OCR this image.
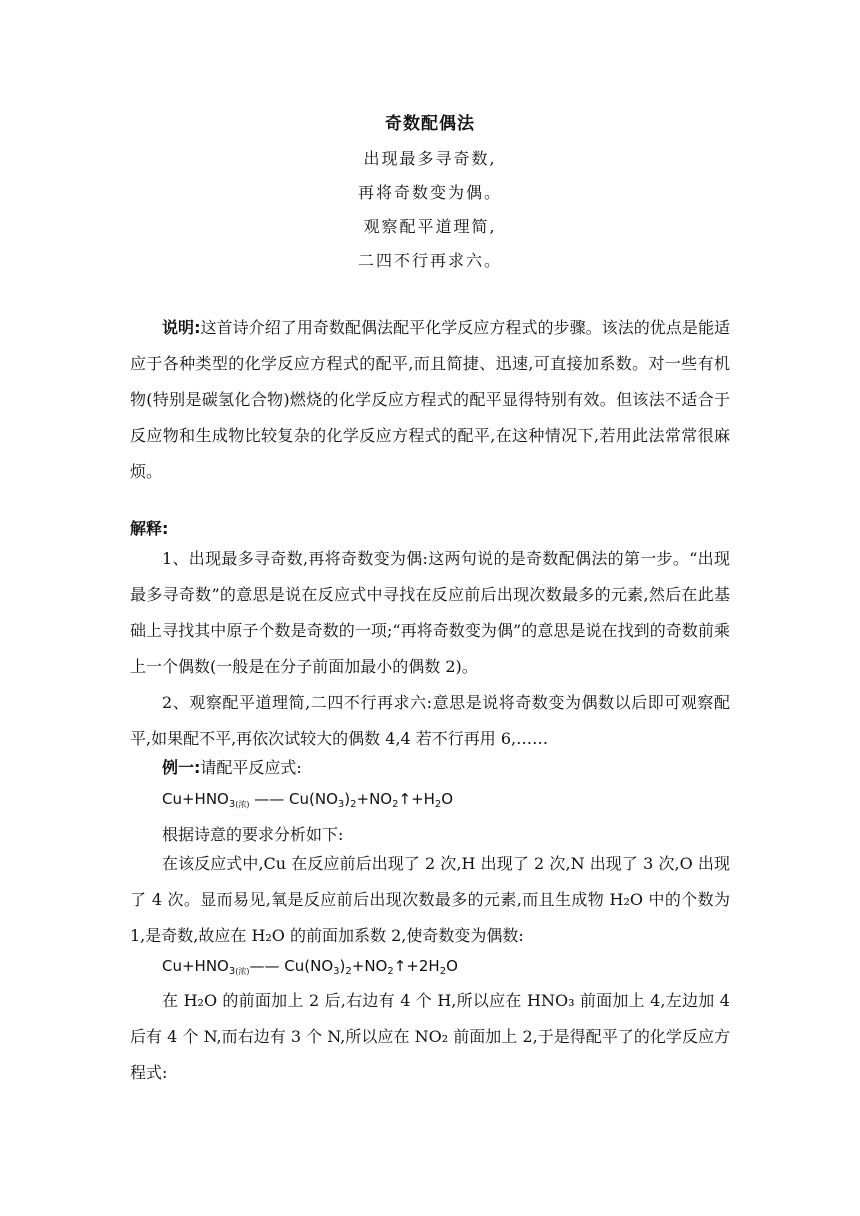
奇数配偶法
出现最多寻奇数,
再将奇数变为偶。
观察配平道理简,
二四不行再求六。
说明:这首诗介绍了用奇数配偶法配平化学反应方程式的步骤。该法的优点是能适应于各种类型的化学反应方程式的配平,而且简捷、迅速,可直接加系数。对一些有机物(特别是碳氢化合物)燃烧的化学反应方程式的配平显得特别有效。但该法不适合于反应物和生成物比较复杂的化学反应方程式的配平,在这种情况下,若用此法常常很麻烦。
解释:
1、出现最多寻奇数,再将奇数变为偶:这两句说的是奇数配偶法的第一步。“出现最多寻奇数”的意思是说在反应式中寻找在反应前后出现次数最多的元素,然后在此基础上寻找其中原子个数是奇数的一项;“再将奇数变为偶”的意思是说在找到的奇数前乘上一个偶数(一般是在分子前面加最小的偶数 2)。
2、观察配平道理简,二四不行再求六:意思是说将奇数变为偶数以后即可观察配平,如果配不平,再依次试较大的偶数 4,4 若不行再用 6,……
例一:请配平反应式:
$Cu+HNO_{3(浓)}$ —— $Cu(NO_3)_2+NO_2↑+H_2O$
根据诗意的要求分析如下:
在该反应式中,Cu 在反应前后出现了 2 次,H 出现了 2 次,N 出现了 3 次,O 出现了 4 次。显而易见,氧是反应前后出现次数最多的元素,而且生成物 H₂O 中的个数为 1,是奇数,故应在 H₂O 的前面加系数 2,使奇数变为偶数:
$Cu+HNO_{3(浓)}——$ $Cu(NO_3)_2+NO_2↑+2H_2O$
在 H₂O 的前面加上 2 后,右边有 4 个 H,所以应在 HNO₃ 前面加上 4,左边加 4 后有 4 个 N,而右边有 3 个 N,所以应在 NO₂ 前面加上 2,于是得配平了的化学反应方程式:
